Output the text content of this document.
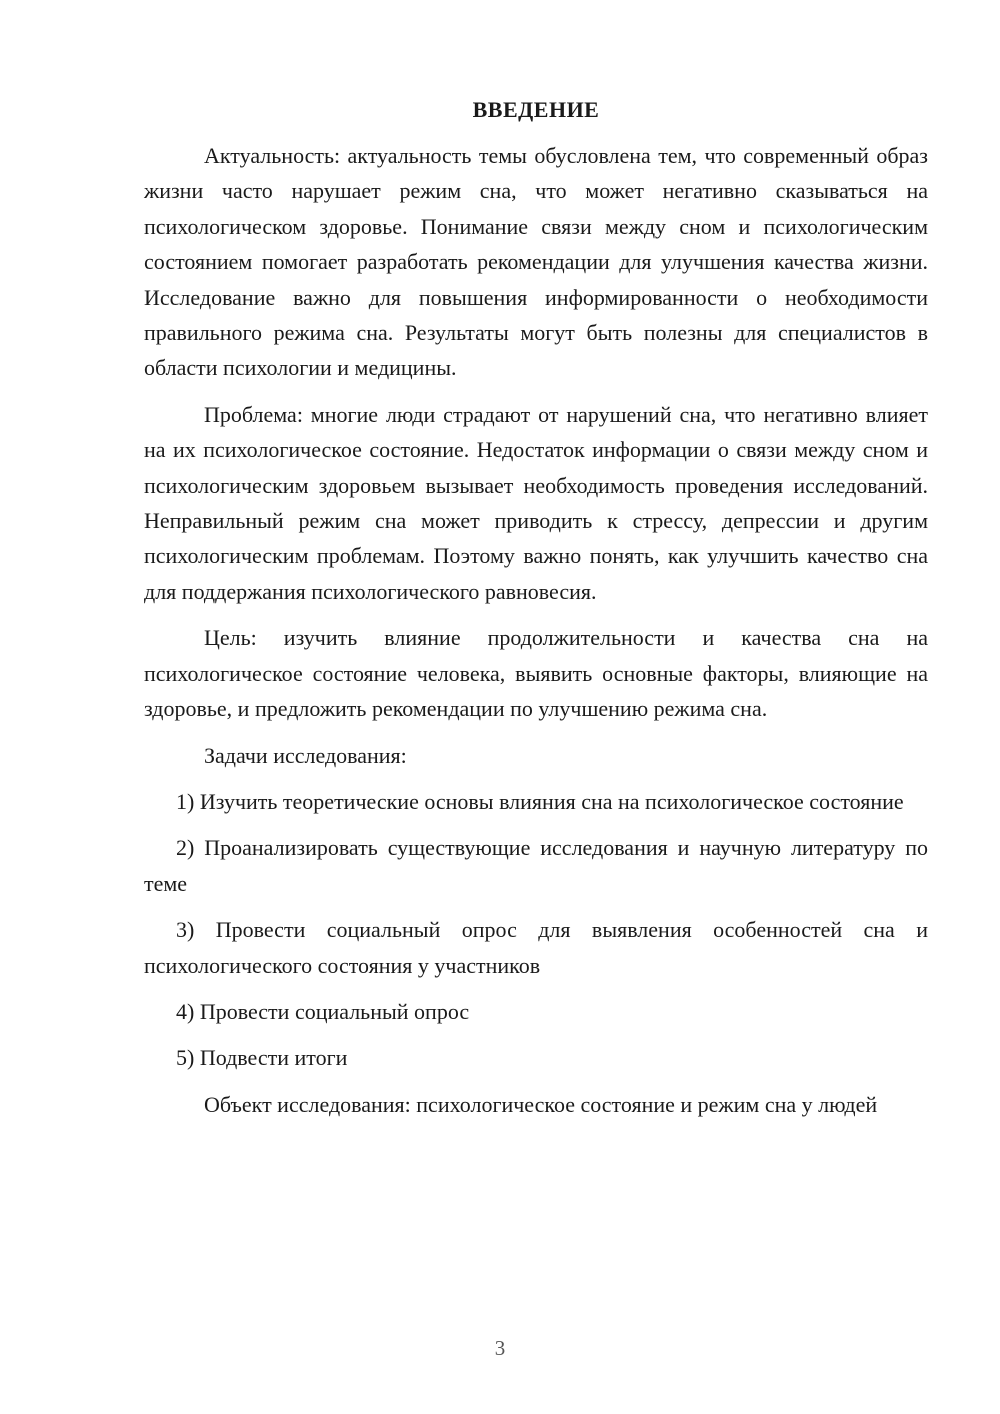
ВВЕДЕНИЕ

Актуальность: актуальность темы обусловлена тем, что современный образ жизни часто нарушает режим сна, что может негативно сказываться на психологическом здоровье. Понимание связи между сном и психологическим состоянием помогает разработать рекомендации для улучшения качества жизни. Исследование важно для повышения информированности о необходимости правильного режима сна. Результаты могут быть полезны для специалистов в области психологии и медицины.

Проблема: многие люди страдают от нарушений сна, что негативно влияет на их психологическое состояние. Недостаток информации о связи между сном и психологическим здоровьем вызывает необходимость проведения исследований. Неправильный режим сна может приводить к стрессу, депрессии и другим психологическим проблемам. Поэтому важно понять, как улучшить качество сна для поддержания психологического равновесия.

Цель: изучить влияние продолжительности и качества сна на психологическое состояние человека, выявить основные факторы, влияющие на здоровье, и предложить рекомендации по улучшению режима сна.

Задачи исследования:

1) Изучить теоретические основы влияния сна на психологическое состояние

2) Проанализировать существующие исследования и научную литературу по теме

3) Провести социальный опрос для выявления особенностей сна и психологического состояния у участников

4) Провести социальный опрос

5) Подвести итоги

Объект исследования: психологическое состояние и режим сна у людей

3
